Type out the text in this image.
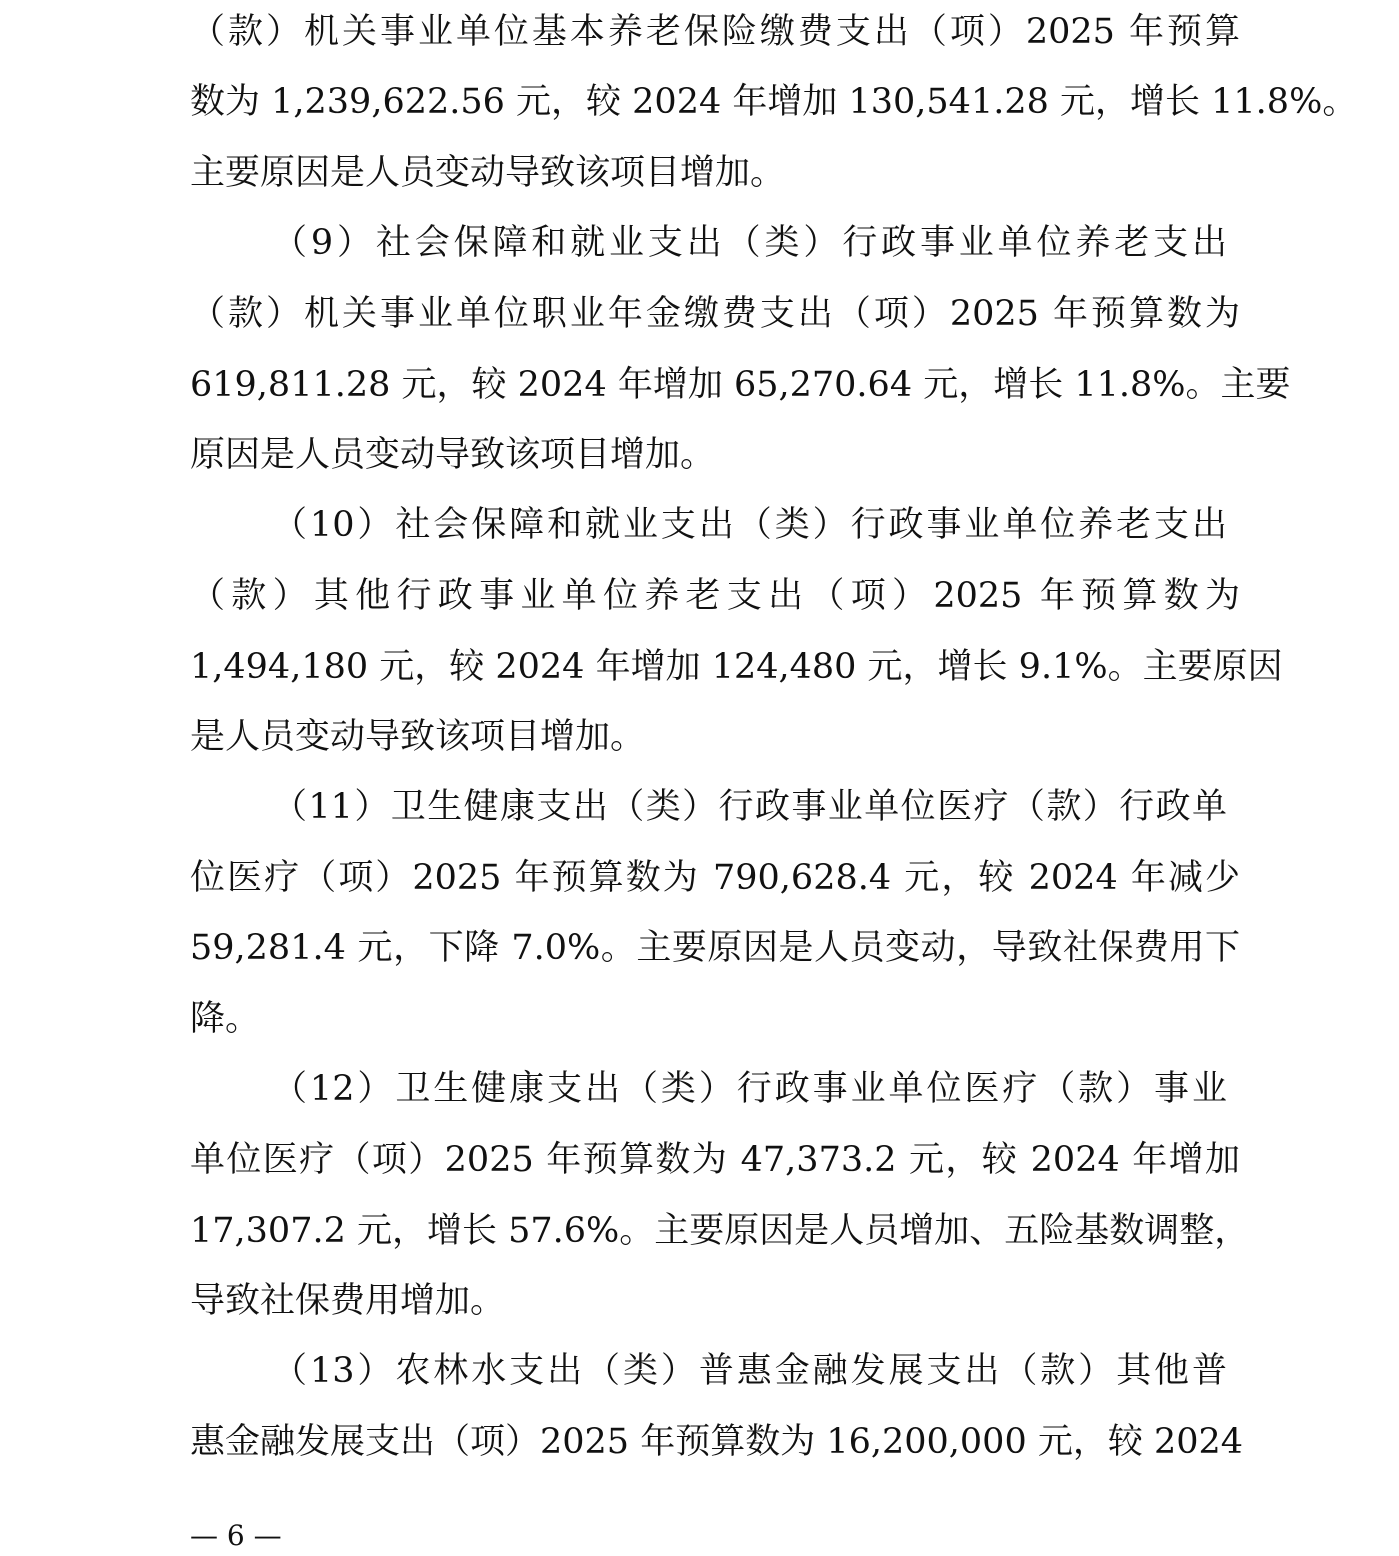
（款）机关事业单位基本养老保险缴费支出（项）2025 年预算
数为 1,239,622.56 元，较 2024 年增加 130,541.28 元，增长 11.8%。
主要原因是人员变动导致该项目增加。
（9）社会保障和就业支出（类）行政事业单位养老支出
（款）机关事业单位职业年金缴费支出（项）2025 年预算数为
619,811.28 元，较 2024 年增加 65,270.64 元，增长 11.8%。主要
原因是人员变动导致该项目增加。
（10）社会保障和就业支出（类）行政事业单位养老支出
（款）其他行政事业单位养老支出（项）2025 年预算数为
1,494,180 元，较 2024 年增加 124,480 元，增长 9.1%。主要原因
是人员变动导致该项目增加。
（11）卫生健康支出（类）行政事业单位医疗（款）行政单
位医疗（项）2025 年预算数为 790,628.4 元，较 2024 年减少
59,281.4 元，下降 7.0%。主要原因是人员变动，导致社保费用下
降。
（12）卫生健康支出（类）行政事业单位医疗（款）事业
单位医疗（项）2025 年预算数为 47,373.2 元，较 2024 年增加
17,307.2 元，增长 57.6%。主要原因是人员增加、五险基数调整，
导致社保费用增加。
（13）农林水支出（类）普惠金融发展支出（款）其他普
惠金融发展支出（项）2025 年预算数为 16,200,000 元，较 2024
— 6 —
